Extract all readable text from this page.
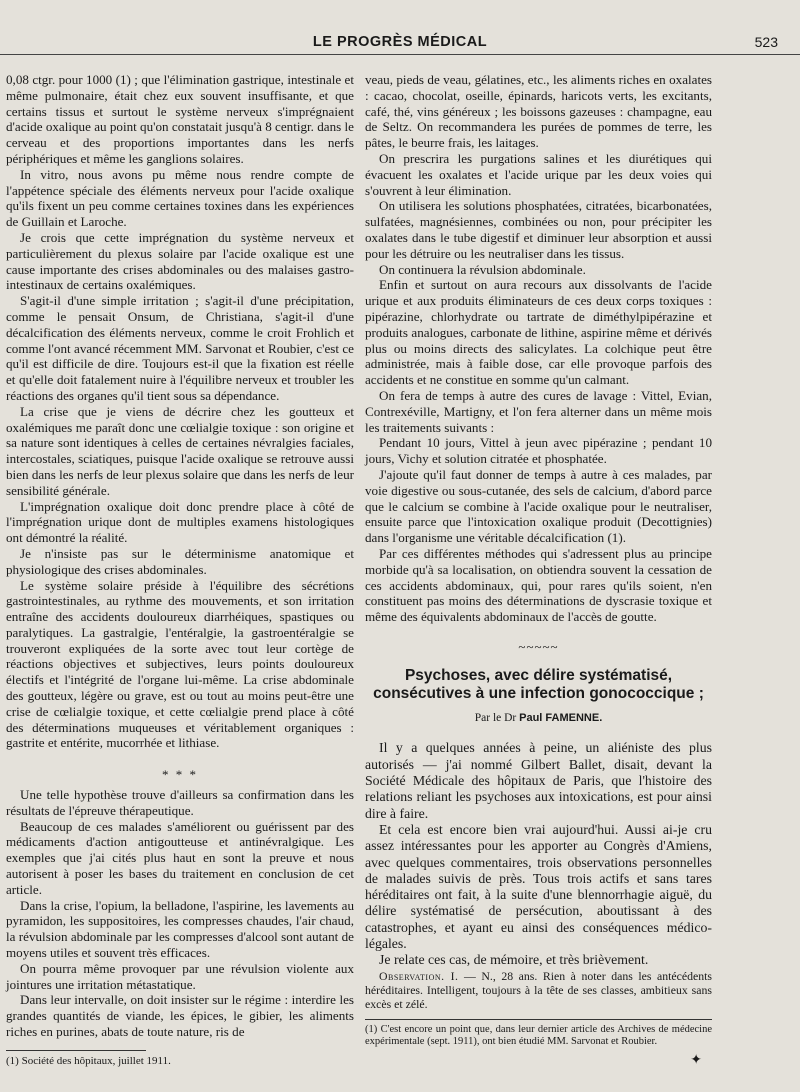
LE PROGRÈS MÉDICAL	523

0,08 ctgr. pour 1000 (1) ; que l'élimination gastrique, intestinale et même pulmonaire, était chez eux souvent insuffisante, et que certains tissus et surtout le système nerveux s'imprégnaient d'acide oxalique au point qu'on constatait jusqu'à 8 centigr. dans le cerveau et des proportions importantes dans les nerfs périphériques et même les ganglions solaires.

In vitro, nous avons pu même nous rendre compte de l'appétence spéciale des éléments nerveux pour l'acide oxalique qu'ils fixent un peu comme certaines toxines dans les expériences de Guillain et Laroche.

Je crois que cette imprégnation du système nerveux et particulièrement du plexus solaire par l'acide oxalique est une cause importante des crises abdominales ou des malaises gastro-intestinaux de certains oxalémiques.

S'agit-il d'une simple irritation ; s'agit-il d'une précipitation, comme le pensait Onsum, de Christiana, s'agit-il d'une décalcification des éléments nerveux, comme le croit Frohlich et comme l'ont avancé récemment MM. Sarvonat et Roubier, c'est ce qu'il est difficile de dire. Toujours est-il que la fixation est réelle et qu'elle doit fatalement nuire à l'équilibre nerveux et troubler les réactions des organes qu'il tient sous sa dépendance.

La crise que je viens de décrire chez les goutteux et oxalémiques me paraît donc une cœlialgie toxique : son origine et sa nature sont identiques à celles de certaines névralgies faciales, intercostales, sciatiques, puisque l'acide oxalique se retrouve aussi bien dans les nerfs de leur plexus solaire que dans les nerfs de leur sensibilité générale.

L'imprégnation oxalique doit donc prendre place à côté de l'imprégnation urique dont de multiples examens histologiques ont démontré la réalité.

Je n'insiste pas sur le déterminisme anatomique et physiologique des crises abdominales.

Le système solaire préside à l'équilibre des sécrétions gastrointestinales, au rythme des mouvements, et son irritation entraîne des accidents douloureux diarrhéiques, spastiques ou paralytiques. La gastralgie, l'entéralgie, la gastroentéralgie se trouveront expliquées de la sorte avec tout leur cortège de réactions objectives et subjectives, leurs points douloureux électifs et l'intégrité de l'organe lui-même. La crise abdominale des goutteux, légère ou grave, est ou tout au moins peut-être une crise de cœlialgie toxique, et cette cœlialgie prend place à côté des déterminations muqueuses et véritablement organiques : gastrite et entérite, mucorrhée et lithiase.

* * *

Une telle hypothèse trouve d'ailleurs sa confirmation dans les résultats de l'épreuve thérapeutique.

Beaucoup de ces malades s'améliorent ou guérissent par des médicaments d'action antigoutteuse et antinévralgique. Les exemples que j'ai cités plus haut en sont la preuve et nous autorisent à poser les bases du traitement en conclusion de cet article.

Dans la crise, l'opium, la belladone, l'aspirine, les lavements au pyramidon, les suppositoires, les compresses chaudes, l'air chaud, la révulsion abdominale par les compresses d'alcool sont autant de moyens utiles et souvent très efficaces.

On pourra même provoquer par une révulsion violente aux jointures une irritation métastatique.

Dans leur intervalle, on doit insister sur le régime : interdire les grandes quantités de viande, les épices, le gibier, les aliments riches en purines, abats de toute nature, ris de

(1) Société des hôpitaux, juillet 1911.

veau, pieds de veau, gélatines, etc., les aliments riches en oxalates : cacao, chocolat, oseille, épinards, haricots verts, les excitants, café, thé, vins généreux ; les boissons gazeuses : champagne, eau de Seltz. On recommandera les purées de pommes de terre, les pâtes, le beurre frais, les laitages.

On prescrira les purgations salines et les diurétiques qui évacuent les oxalates et l'acide urique par les deux voies qui s'ouvrent à leur élimination.

On utilisera les solutions phosphatées, citratées, bicarbonatées, sulfatées, magnésiennes, combinées ou non, pour précipiter les oxalates dans le tube digestif et diminuer leur absorption et aussi pour les détruire ou les neutraliser dans les tissus.

On continuera la révulsion abdominale.

Enfin et surtout on aura recours aux dissolvants de l'acide urique et aux produits éliminateurs de ces deux corps toxiques : pipérazine, chlorhydrate ou tartrate de diméthylpipérazine et produits analogues, carbonate de lithine, aspirine même et dérivés plus ou moins directs des salicylates. La colchique peut être administrée, mais à faible dose, car elle provoque parfois des accidents et ne constitue en somme qu'un calmant.

On fera de temps à autre des cures de lavage : Vittel, Evian, Contrexéville, Martigny, et l'on fera alterner dans un même mois les traitements suivants :

Pendant 10 jours, Vittel à jeun avec pipérazine ; pendant 10 jours, Vichy et solution citratée et phosphatée.

J'ajoute qu'il faut donner de temps à autre à ces malades, par voie digestive ou sous-cutanée, des sels de calcium, d'abord parce que le calcium se combine à l'acide oxalique pour le neutraliser, ensuite parce que l'intoxication oxalique produit (Decottignies) dans l'organisme une véritable décalcification (1).

Par ces différentes méthodes qui s'adressent plus au principe morbide qu'à sa localisation, on obtiendra souvent la cessation de ces accidents abdominaux, qui, pour rares qu'ils soient, n'en constituent pas moins des déterminations de dyscrasie toxique et même des équivalents abdominaux de l'accès de goutte.

~~~~~
Psychoses, avec délire systématisé, consécutives à une infection gonococcique ;
Par le Dr Paul FAMENNE.

Il y a quelques années à peine, un aliéniste des plus autorisés — j'ai nommé Gilbert Ballet, disait, devant la Société Médicale des hôpitaux de Paris, que l'histoire des relations reliant les psychoses aux intoxications, est pour ainsi dire à faire.

Et cela est encore bien vrai aujourd'hui. Aussi ai-je cru assez intéressantes pour les apporter au Congrès d'Amiens, avec quelques commentaires, trois observations personnelles de malades suivis de près. Tous trois actifs et sans tares héréditaires ont fait, à la suite d'une blennorrhagie aiguë, du délire systématisé de persécution, aboutissant à des catastrophes, et ayant eu ainsi des conséquences médico-légales.

Je relate ces cas, de mémoire, et très brièvement.

Observation. I. — N., 28 ans. Rien à noter dans les antécédents héréditaires. Intelligent, toujours à la tête de ses classes, ambitieux sans excès et zélé.

(1) C'est encore un point que, dans leur dernier article des Archives de médecine expérimentale (sept. 1911), ont bien étudié MM. Sarvonat et Roubier.
✦
